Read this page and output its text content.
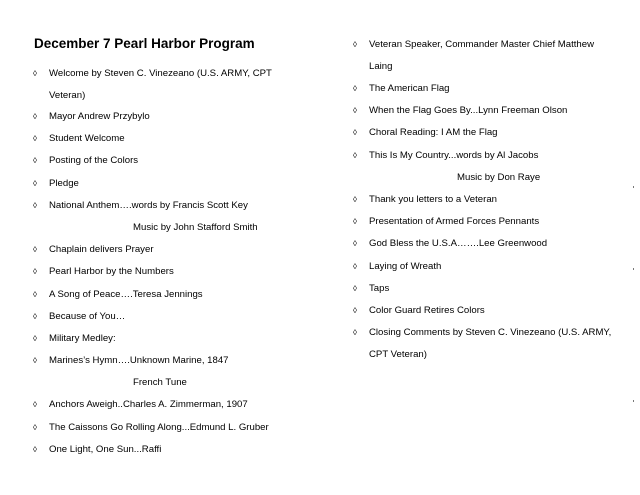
December 7 Pearl Harbor Program
◊ Welcome by Steven C. Vinezeano (U.S. ARMY, CPT
Veteran)
◊ Mayor Andrew Przybylo
◊ Student Welcome
◊ Posting of the Colors
◊ Pledge
◊ National Anthem….words by Francis Scott Key
Music by John Stafford Smith
◊ Chaplain delivers Prayer
◊ Pearl Harbor by the Numbers
◊ A Song of Peace….Teresa Jennings
◊ Because of You…
◊ Military Medley:
◊ Marines’s Hymn….Unknown Marine, 1847
French Tune
◊ Anchors Aweigh..Charles A. Zimmerman, 1907
◊ The Caissons Go Rolling Along...Edmund L. Gruber
◊ One Light, One Sun...Raffi
◊ Veteran Speaker, Commander Master Chief Matthew
Laing
◊ The American Flag
◊ When the Flag Goes By...Lynn Freeman Olson
◊ Choral Reading: I AM the Flag
◊ This Is My Country...words by Al Jacobs
Music by Don Raye
◊ Thank you letters to a Veteran
◊ Presentation of Armed Forces Pennants
◊ God Bless the U.S.A…….Lee Greenwood
◊ Laying of Wreath
◊ Taps
◊ Color Guard Retires Colors
◊ Closing Comments by Steven C. Vinezeano (U.S. ARMY,
CPT Veteran)
